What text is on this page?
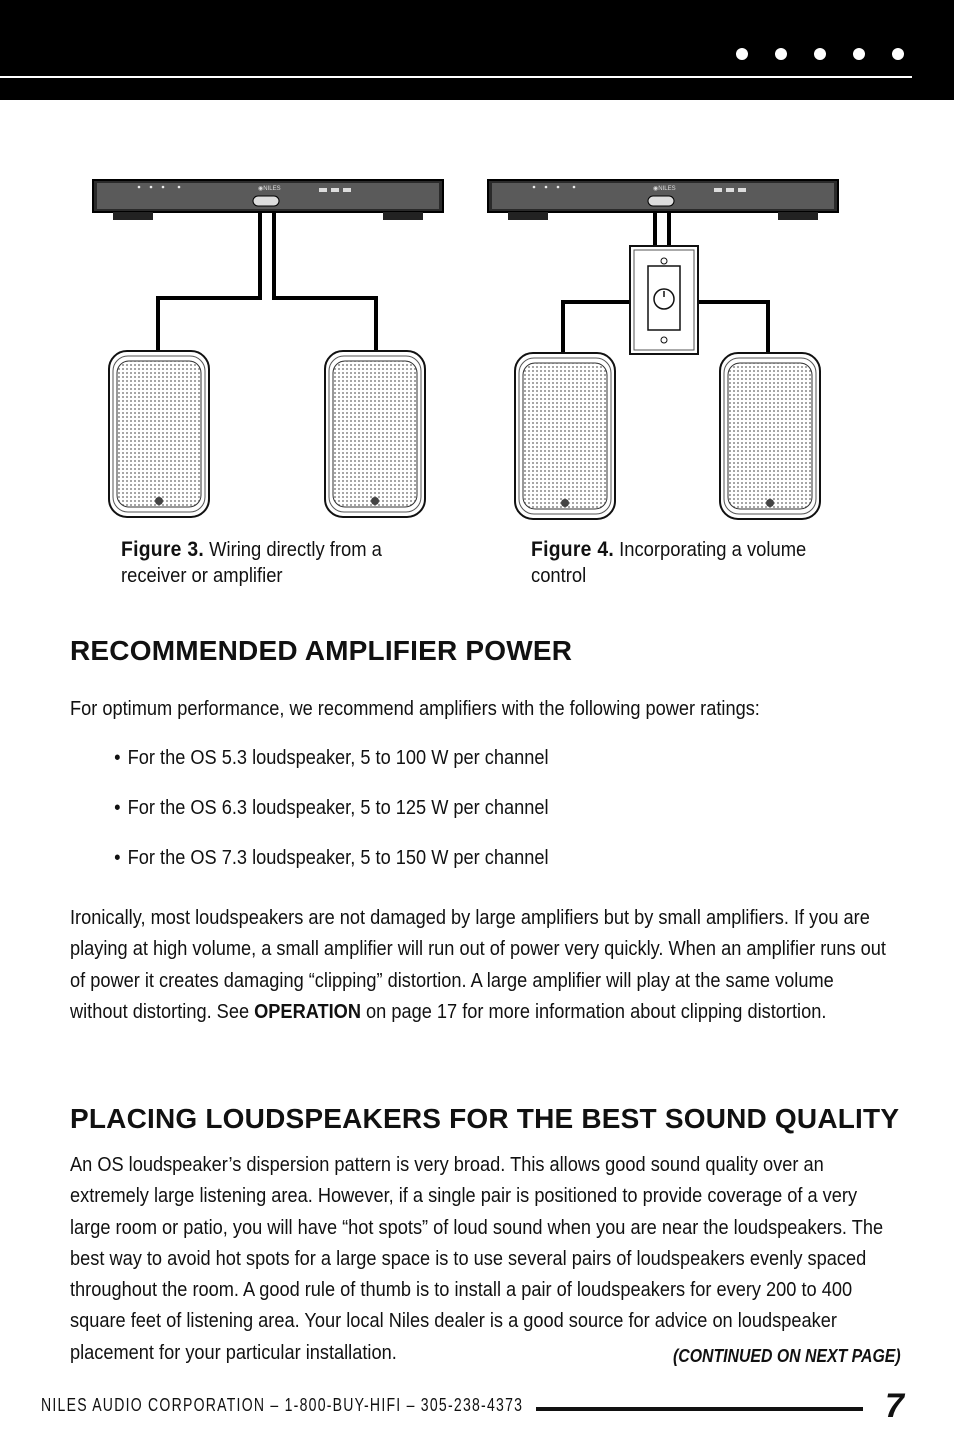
Figure 3. Wiring directly from a receiver or amplifier
Figure 4. Incorporating a volume control
RECOMMENDED AMPLIFIER POWER

For optimum performance, we recommend amplifiers with the following power ratings:

• For the OS 5.3 loudspeaker, 5 to 100 W per channel
• For the OS 6.3 loudspeaker, 5 to 125 W per channel
• For the OS 7.3 loudspeaker, 5 to 150 W per channel

Ironically, most loudspeakers are not damaged by large amplifiers but by small amplifiers. If you are playing at high volume, a small amplifier will run out of power very quickly. When an amplifier runs out of power it creates damaging “clipping” distortion. A large amplifier will play at the same volume without distorting. See OPERATION on page 17 for more information about clipping distortion.

PLACING LOUDSPEAKERS FOR THE BEST SOUND QUALITY

An OS loudspeaker’s dispersion pattern is very broad. This allows good sound quality over an extremely large listening area. However, if a single pair is positioned to provide coverage of a very large room or patio, you will have “hot spots” of loud sound when you are near the loudspeakers. The best way to avoid hot spots for a large space is to use several pairs of loudspeakers evenly spaced throughout the room. A good rule of thumb is to install a pair of loudspeakers for every 200 to 400 square feet of listening area. Your local Niles dealer is a good source for advice on loudspeaker placement for your particular installation.	(CONTINUED ON NEXT PAGE)
NILES AUDIO CORPORATION – 1-800-BUY-HIFI – 305-238-4373	7
